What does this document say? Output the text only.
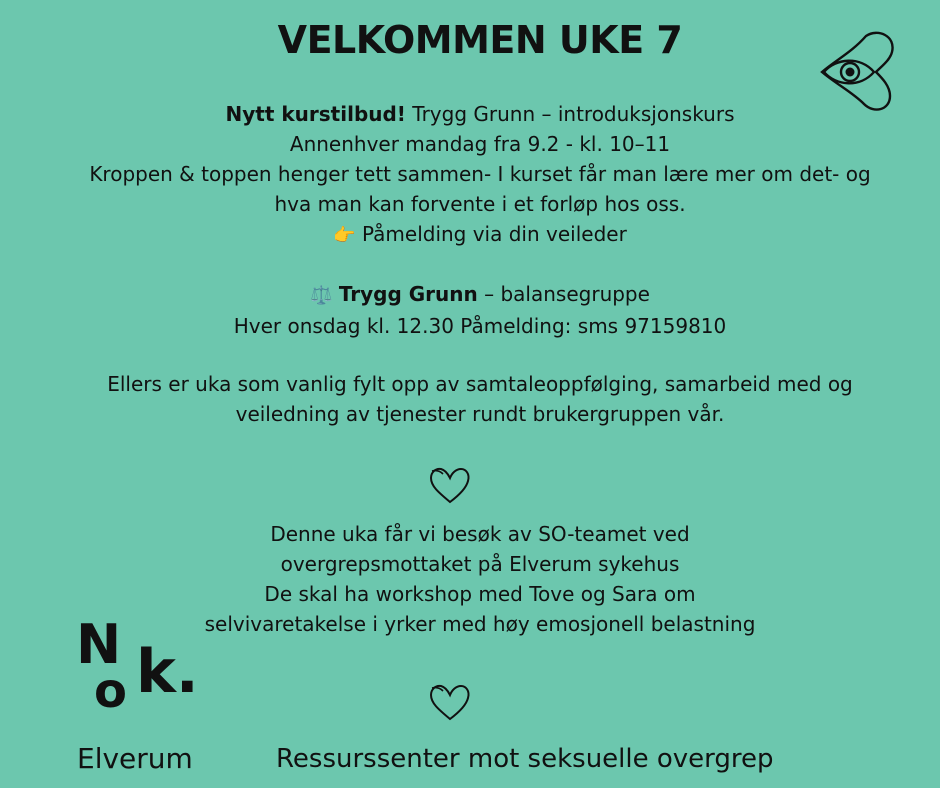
VELKOMMEN UKE 7
Nytt kurstilbud! Trygg Grunn – introduksjonskurs
Annenhver mandag fra 9.2 - kl. 10–11
Kroppen & toppen henger tett sammen- I kurset får man lære mer om det- og
hva man kan forvente i et forløp hos oss.
👉 Påmelding via din veileder
⚖️ Trygg Grunn – balansegruppe
Hver onsdag kl. 12.30 Påmelding: sms 97159810
Ellers er uka som vanlig fylt opp av samtaleoppfølging, samarbeid med og
veiledning av tjenester rundt brukergruppen vår.
Denne uka får vi besøk av SO-teamet ved
overgrepsmottaket på Elverum sykehus
De skal ha workshop med Tove og Sara om
selvivaretakelse i yrker med høy emosjonell belastning
N
o k.
Elverum	Ressurssenter mot seksuelle overgrep
